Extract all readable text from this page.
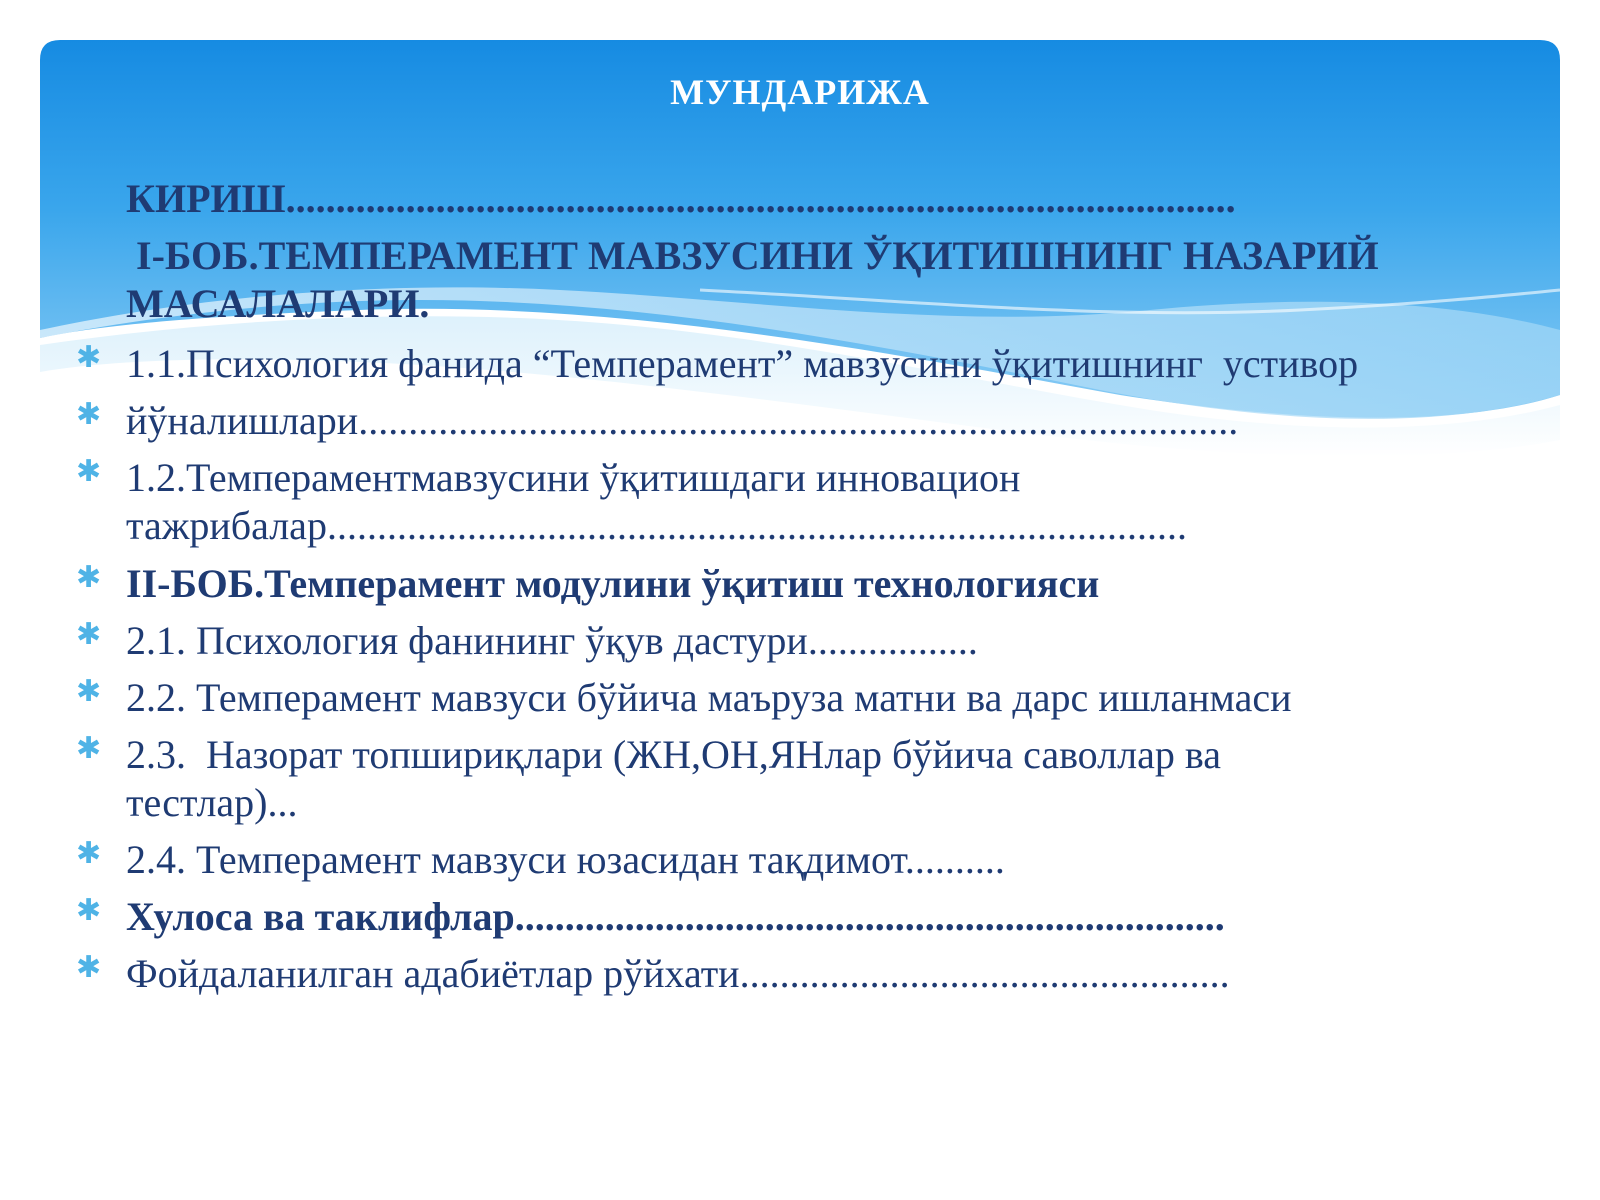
МУНДАРИЖА
КИРИШ...............................................................................................
I-БОБ.ТЕМПЕРАМЕНТ МАВЗУСИНИ ЎҚИТИШНИНГ НАЗАРИЙ
МАСАЛАЛАРИ.
✱ 1.1.Психология фанида “Темперамент” мавзусини ўқитишнинг  устивор
✱ йўналишлари........................................................................................
✱ 1.2.Темпераментмавзусини ўқитишдаги инновацион
тажрибалар......................................................................................
✱ II-БОБ.Темперамент модулини ўқитиш технологияси
✱ 2.1. Психология фанининг ўқув дастури.................
✱ 2.2. Темперамент мавзуси бўйича маъруза матни ва дарс ишланмаси
✱ 2.3.  Назорат топшириқлари (ЖН,ОН,ЯНлар бўйича саволлар ва
тестлар)...
✱ 2.4. Темперамент мавзуси юзасидан тақдимот..........
✱ Хулоса ва таклифлар.......................................................................
✱ Фойдаланилган адабиётлар рўйхати.................................................
